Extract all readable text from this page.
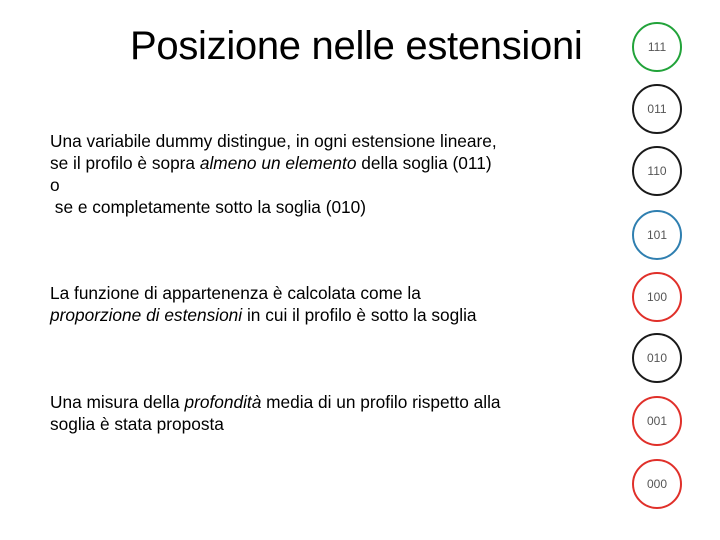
Posizione nelle estensioni
Una variabile dummy distingue, in ogni estensione lineare,
se il profilo è sopra almeno un elemento della soglia (011)
o
se e completamente sotto la soglia (010)
La funzione di appartenenza è calcolata come la
proporzione di estensioni in cui il profilo è sotto la soglia
Una misura della profondità media di un profilo rispetto alla
soglia è stata proposta
111
011
110
101
100
010
001
000
